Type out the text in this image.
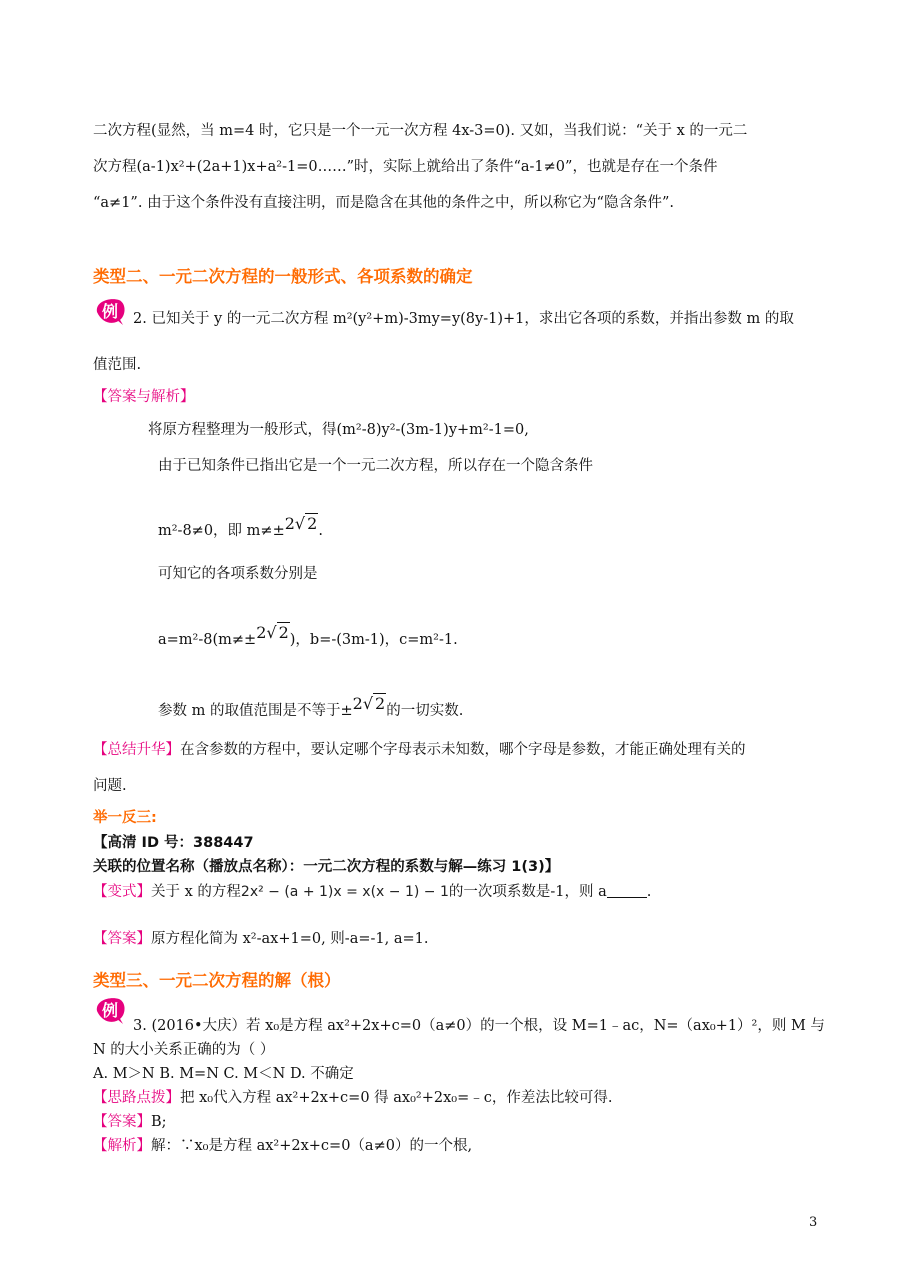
二次方程(显然，当 m=4 时，它只是一个一元一次方程 4x-3=0). 又如，当我们说：“关于 x 的一元二
次方程(a-1)x²+(2a+1)x+a²-1=0……”时，实际上就给出了条件“a-1≠0”，也就是存在一个条件
“a≠1”. 由于这个条件没有直接注明，而是隐含在其他的条件之中，所以称它为“隐含条件”.
类型二、一元二次方程的一般形式、各项系数的确定
例 2. 已知关于 y 的一元二次方程 m²(y²+m)-3my=y(8y-1)+1，求出它各项的系数，并指出参数 m 的取
值范围.
【答案与解析】
将原方程整理为一般形式，得(m²-8)y²-(3m-1)y+m²-1=0,
由于已知条件已指出它是一个一元二次方程，所以存在一个隐含条件
m²-8≠0，即 m≠±2√ 2.
可知它的各项系数分别是
a=m²-8(m≠±2√ 2)，b=-(3m-1)，c=m²-1.
参数 m 的取值范围是不等于±2√ 2的一切实数.
【总结升华】在含参数的方程中，要认定哪个字母表示未知数，哪个字母是参数，才能正确处理有关的
问题.
举一反三:
【高清 ID 号：388447
关联的位置名称（播放点名称）：一元二次方程的系数与解—练习 1(3)】
【变式】关于 x 的方程2x² − (a + 1)x = x(x − 1) − 1的一次项系数是-1，则 a	.
【答案】原方程化简为 x²-ax+1=0, 则-a=-1, a=1.
类型三、一元二次方程的解（根）
例
3. (2016•大庆）若 x₀是方程 ax²+2x+c=0（a≠0）的一个根，设 M=1﹣ac，N=（ax₀+1）²，则 M 与
N 的大小关系正确的为（ ）
A. M＞N B. M=N C. M＜N D. 不确定
【思路点拨】把 x₀代入方程 ax²+2x+c=0 得 ax₀²+2x₀=﹣c，作差法比较可得.
【答案】B;
【解析】解：∵x₀是方程 ax²+2x+c=0（a≠0）的一个根,
3
